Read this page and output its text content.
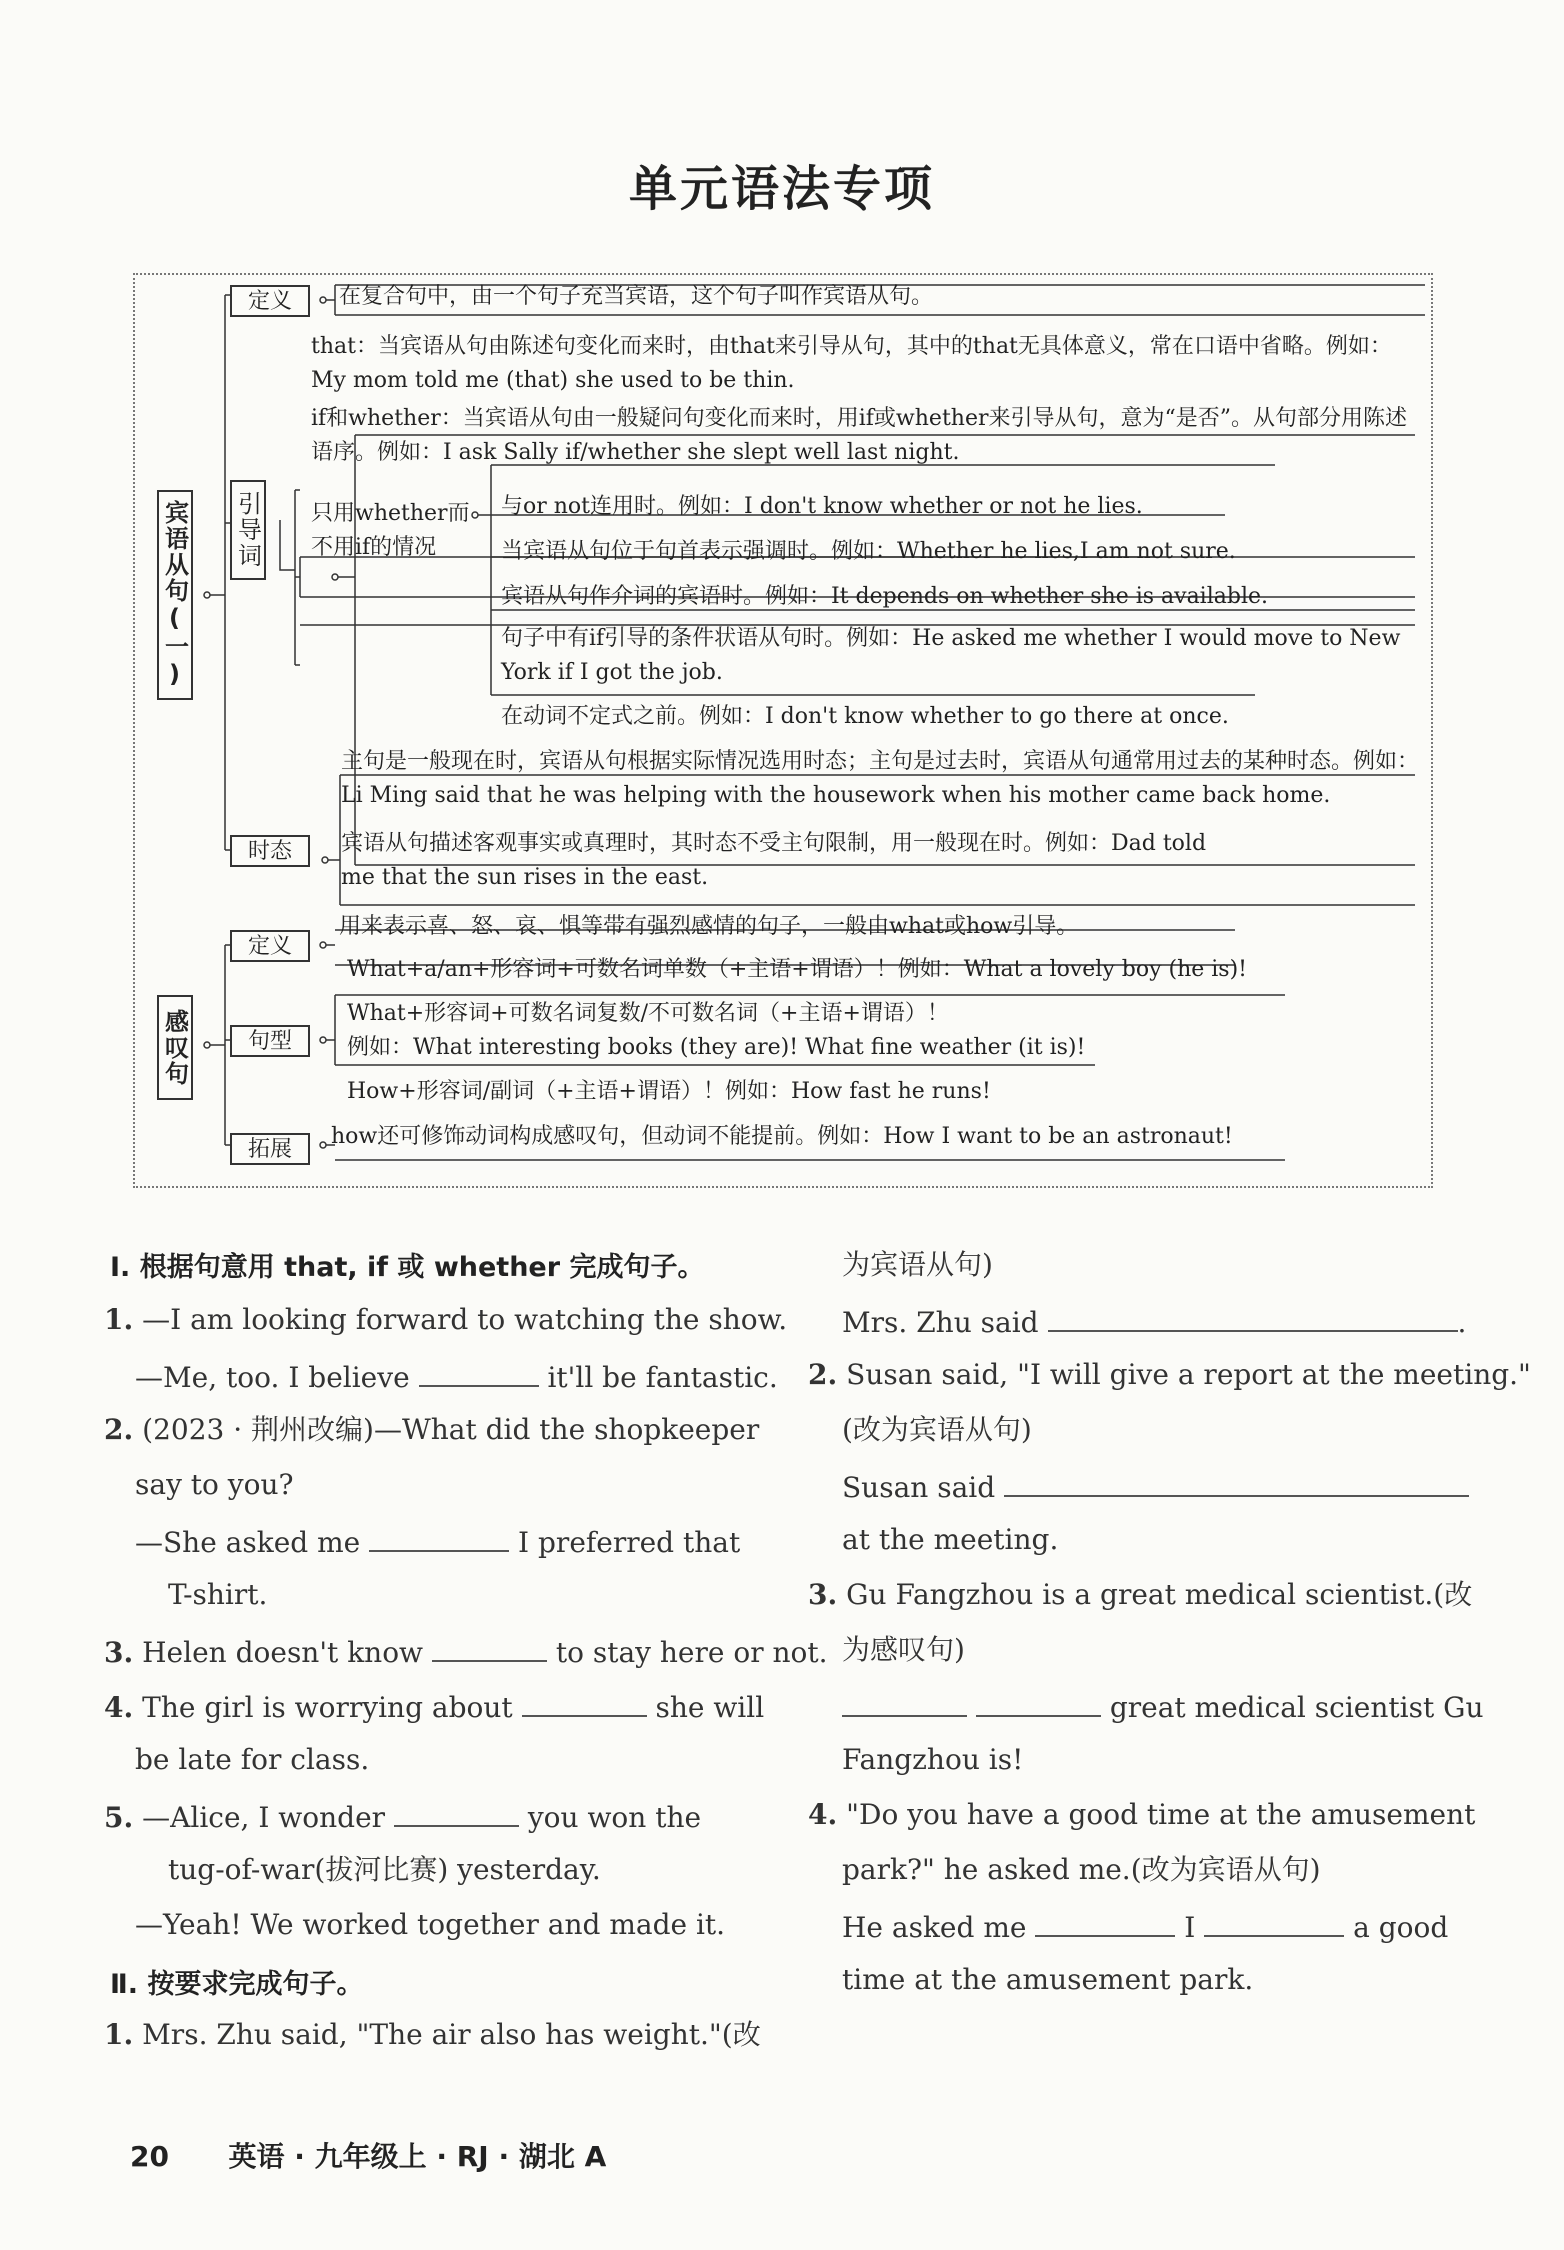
单元语法专项
宾语从句(一)
感叹句
定义
引导词
时态
定义
句型
拓展
在复合句中，由一个句子充当宾语，这个句子叫作宾语从句。
that：当宾语从句由陈述句变化而来时，由that来引导从句，其中的that无具体意义，常在口语中省略。例如：My mom told me (that) she used to be thin.
if和whether：当宾语从句由一般疑问句变化而来时，用if或whether来引导从句，意为“是否”。从句部分用陈述语序。例如：I ask Sally if/whether she slept well last night.
只用whether而不用if的情况
与or not连用时。例如：I don't know whether or not he lies.
当宾语从句位于句首表示强调时。例如：Whether he lies,I am not sure.
宾语从句作介词的宾语时。例如：It depends on whether she is available.
句子中有if引导的条件状语从句时。例如：He asked me whether I would move to New York if I got the job.
在动词不定式之前。例如：I don't know whether to go there at once.
主句是一般现在时，宾语从句根据实际情况选用时态；主句是过去时，宾语从句通常用过去的某种时态。例如：Li Ming said that he was helping with the housework when his mother came back home.
宾语从句描述客观事实或真理时，其时态不受主句限制，用一般现在时。例如：Dad told me that the sun rises in the east.
用来表示喜、怒、哀、惧等带有强烈感情的句子，一般由what或how引导。
What+a/an+形容词+可数名词单数（+主语+谓语）！例如：What a lovely boy (he is)!
What+形容词+可数名词复数/不可数名词（+主语+谓语）！
例如：What interesting books (they are)! What fine weather (it is)!
How+形容词/副词（+主语+谓语）！例如：How fast he runs!
how还可修饰动词构成感叹句，但动词不能提前。例如：How I want to be an astronaut!
Ⅰ. 根据句意用 that, if 或 whether 完成句子。
1. —I am looking forward to watching the show.
—Me, too. I believe	it'll be fantastic.
2. (2023 · 荆州改编)—What did the shopkeeper
say to you?
—She asked me	I preferred that
T-shirt.
3. Helen doesn't know	to stay here or not.
4. The girl is worrying about	she will
be late for class.
5. —Alice, I wonder	you won the
tug-of-war(拔河比赛) yesterday.
—Yeah! We worked together and made it.
Ⅱ. 按要求完成句子。
1. Mrs. Zhu said, "The air also has weight."(改
为宾语从句)
Mrs. Zhu said	.
2. Susan said, "I will give a report at the meeting."
(改为宾语从句)
Susan said
at the meeting.
3. Gu Fangzhou is a great medical scientist.(改
为感叹句)
great medical scientist Gu
Fangzhou is!
4. "Do you have a good time at the amusement
park?" he asked me.(改为宾语从句)
He asked me	I	a good
time at the amusement park.
20 英语 · 九年级上 · RJ · 湖北 A
